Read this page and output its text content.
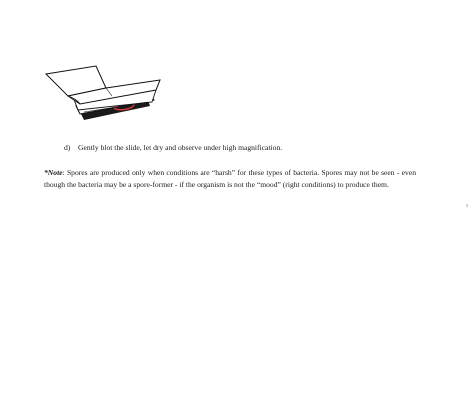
d) Gently blot the slide, let dry and observe under high magnification.
*Note: Spores are produced only when conditions are “harsh” for these types of bacteria. Spores may not be seen - even though the bacteria may be a spore-former - if the organism is not the “mood” (right conditions) to produce them.
1
